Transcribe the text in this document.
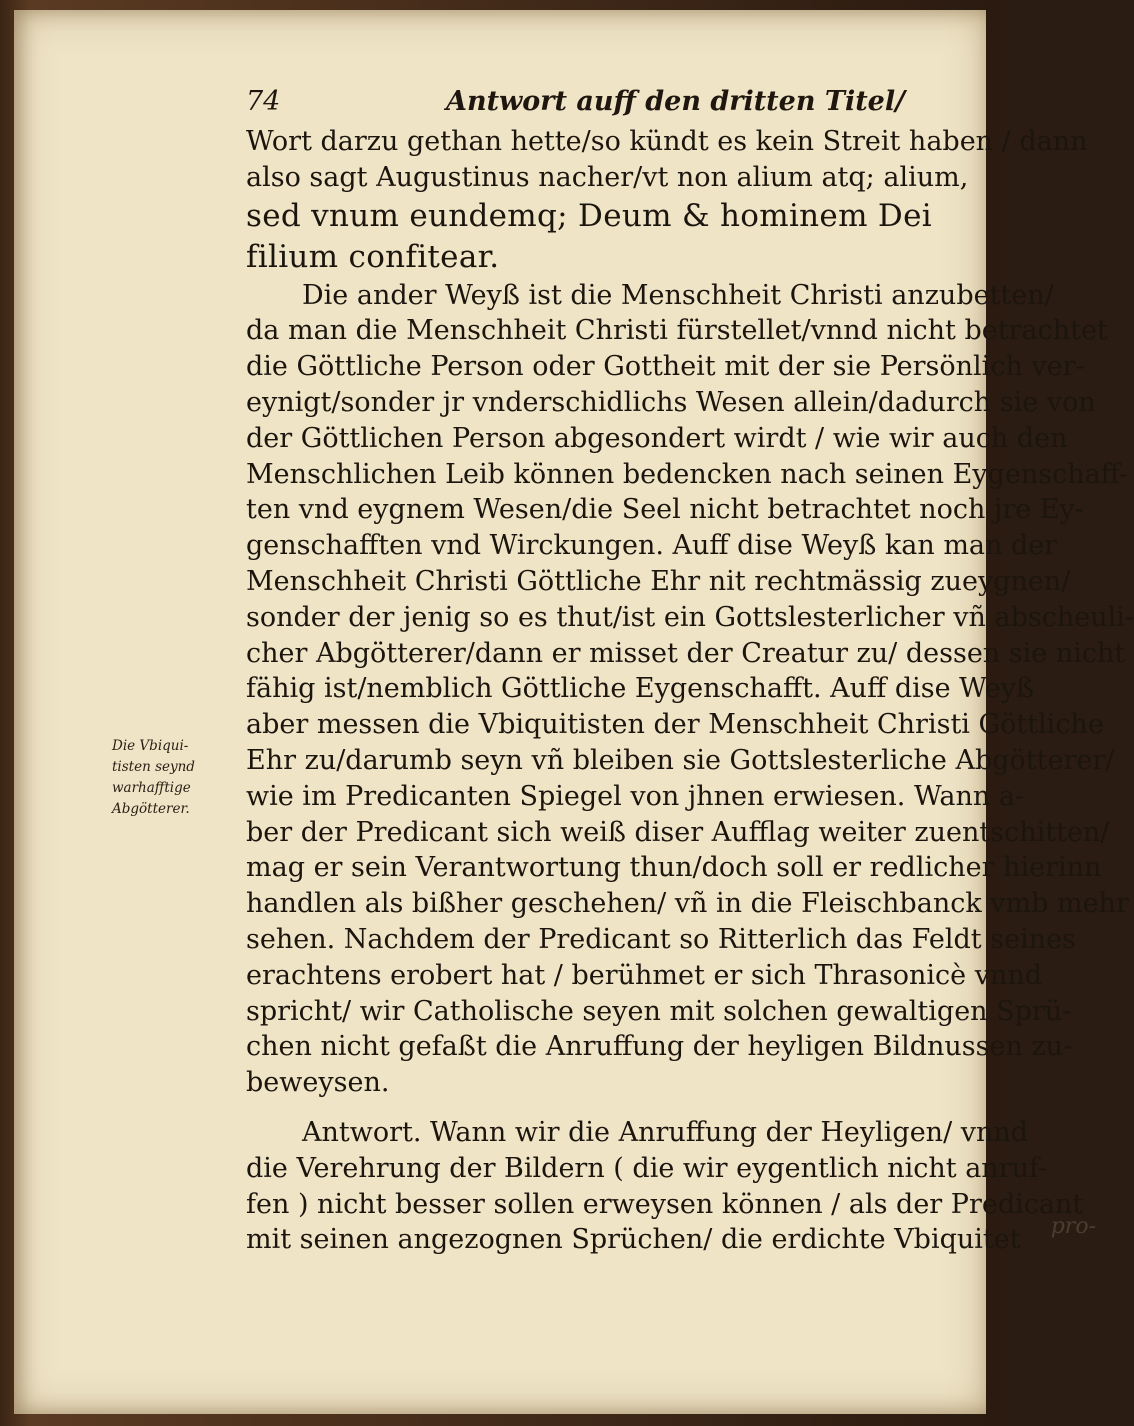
74	Antwort auff den dritten Titel/
Die Vbiqui-
tisten seynd
warhafftige
Abgötterer.
Wort darzu gethan hette/so kündt es kein Streit haben / dann
also sagt Augustinus nacher/vt non alium atq; alium,
sed vnum eundemq; Deum & hominem Dei
filium confitear.
Die ander Weyß ist die Menschheit Christi anzubetten/
da man die Menschheit Christi fürstellet/vnnd nicht betrachtet
die Göttliche Person oder Gottheit mit der sie Persönlich ver-
eynigt/sonder jr vnderschidlichs Wesen allein/dadurch sie von
der Göttlichen Person abgesondert wirdt / wie wir auch den
Menschlichen Leib können bedencken nach seinen Eygenschaff-
ten vnd eygnem Wesen/die Seel nicht betrachtet noch jre Ey-
genschafften vnd Wirckungen. Auff dise Weyß kan man der
Menschheit Christi Göttliche Ehr nit rechtmässig zueygnen/
sonder der jenig so es thut/ist ein Gottslesterlicher vñ abscheuli-
cher Abgötterer/dann er misset der Creatur zu/ dessen sie nicht
fähig ist/nemblich Göttliche Eygenschafft. Auff dise Weyß
aber messen die Vbiquitisten der Menschheit Christi Göttliche
Ehr zu/darumb seyn vñ bleiben sie Gottslesterliche Abgötterer/
wie im Predicanten Spiegel von jhnen erwiesen. Wann a-
ber der Predicant sich weiß diser Aufflag weiter zuentschitten/
mag er sein Verantwortung thun/doch soll er redlicher hierinn
handlen als bißher geschehen/ vñ in die Fleischbanck vmb mehr
sehen. Nachdem der Predicant so Ritterlich das Feldt seines
erachtens erobert hat / berühmet er sich Thrasonicè vnnd
spricht/ wir Catholische seyen mit solchen gewaltigen Sprü-
chen nicht gefaßt die Anruffung der heyligen Bildnussen zu-
beweysen.
Antwort. Wann wir die Anruffung der Heyligen/ vnnd
die Verehrung der Bildern ( die wir eygentlich nicht anruf-
fen ) nicht besser sollen erweysen können / als der Predicant
mit seinen angezognen Sprüchen/ die erdichte Vbiquitet pro-
